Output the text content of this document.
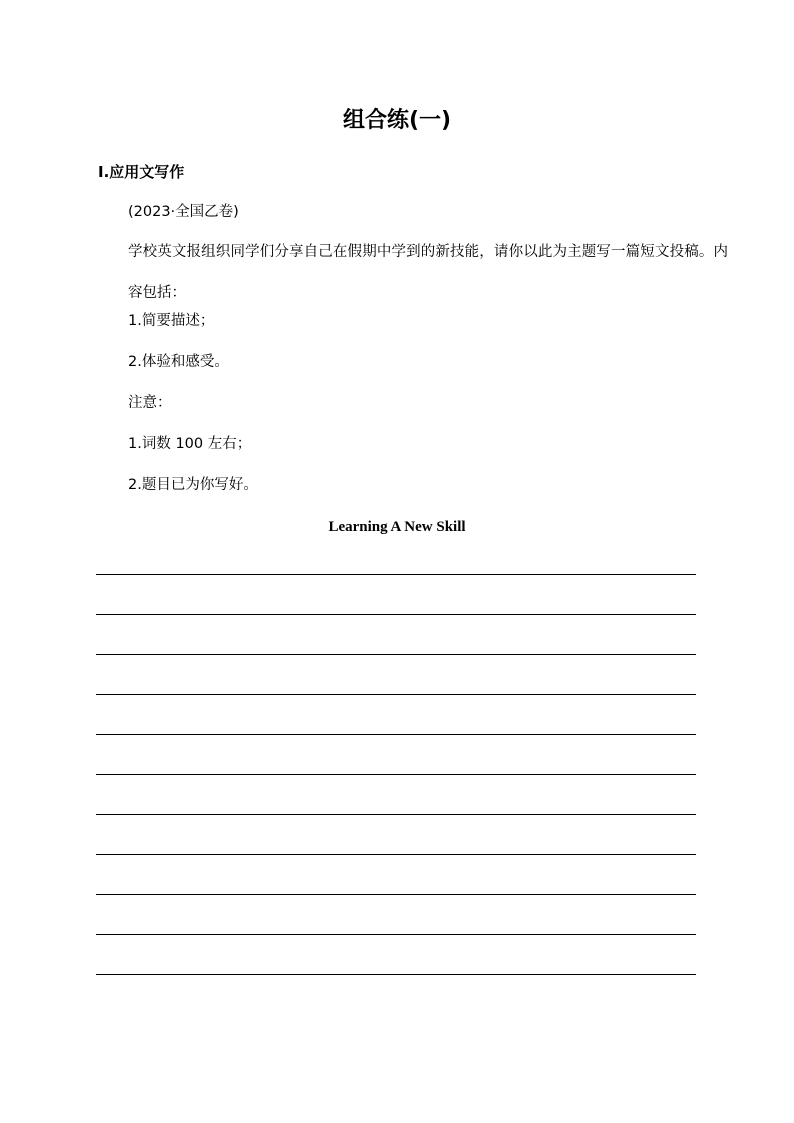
组合练(一)
Ⅰ.应用文写作
(2023·全国乙卷)
学校英文报组织同学们分享自己在假期中学到的新技能，请你以此为主题写一篇短文投稿。内容包括：
1.简要描述；
2.体验和感受。
注意：
1.词数 100 左右；
2.题目已为你写好。
Learning A New Skill
